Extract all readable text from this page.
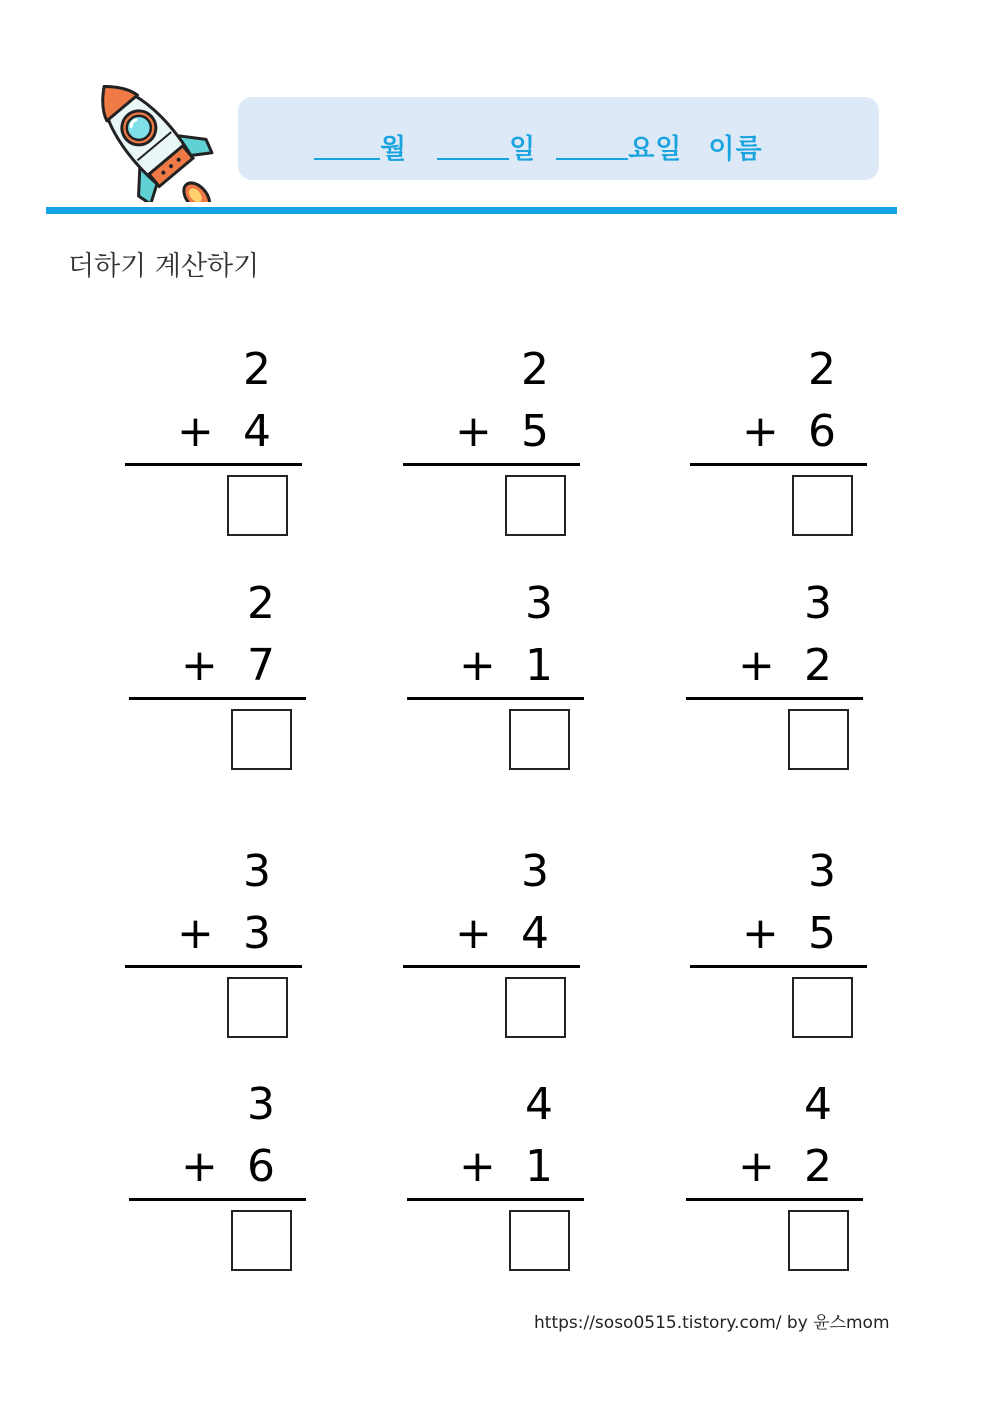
월	일	요일 이름
더하기 계산하기
2
+ 4
2
+ 5
2
+ 6
2
+ 7
3
+ 1
3
+ 2
3
+ 3
3
+ 4
3
+ 5
3
+ 6
4
+ 1
4
+ 2
https://soso0515.tistory.com/ by 윤스mom
